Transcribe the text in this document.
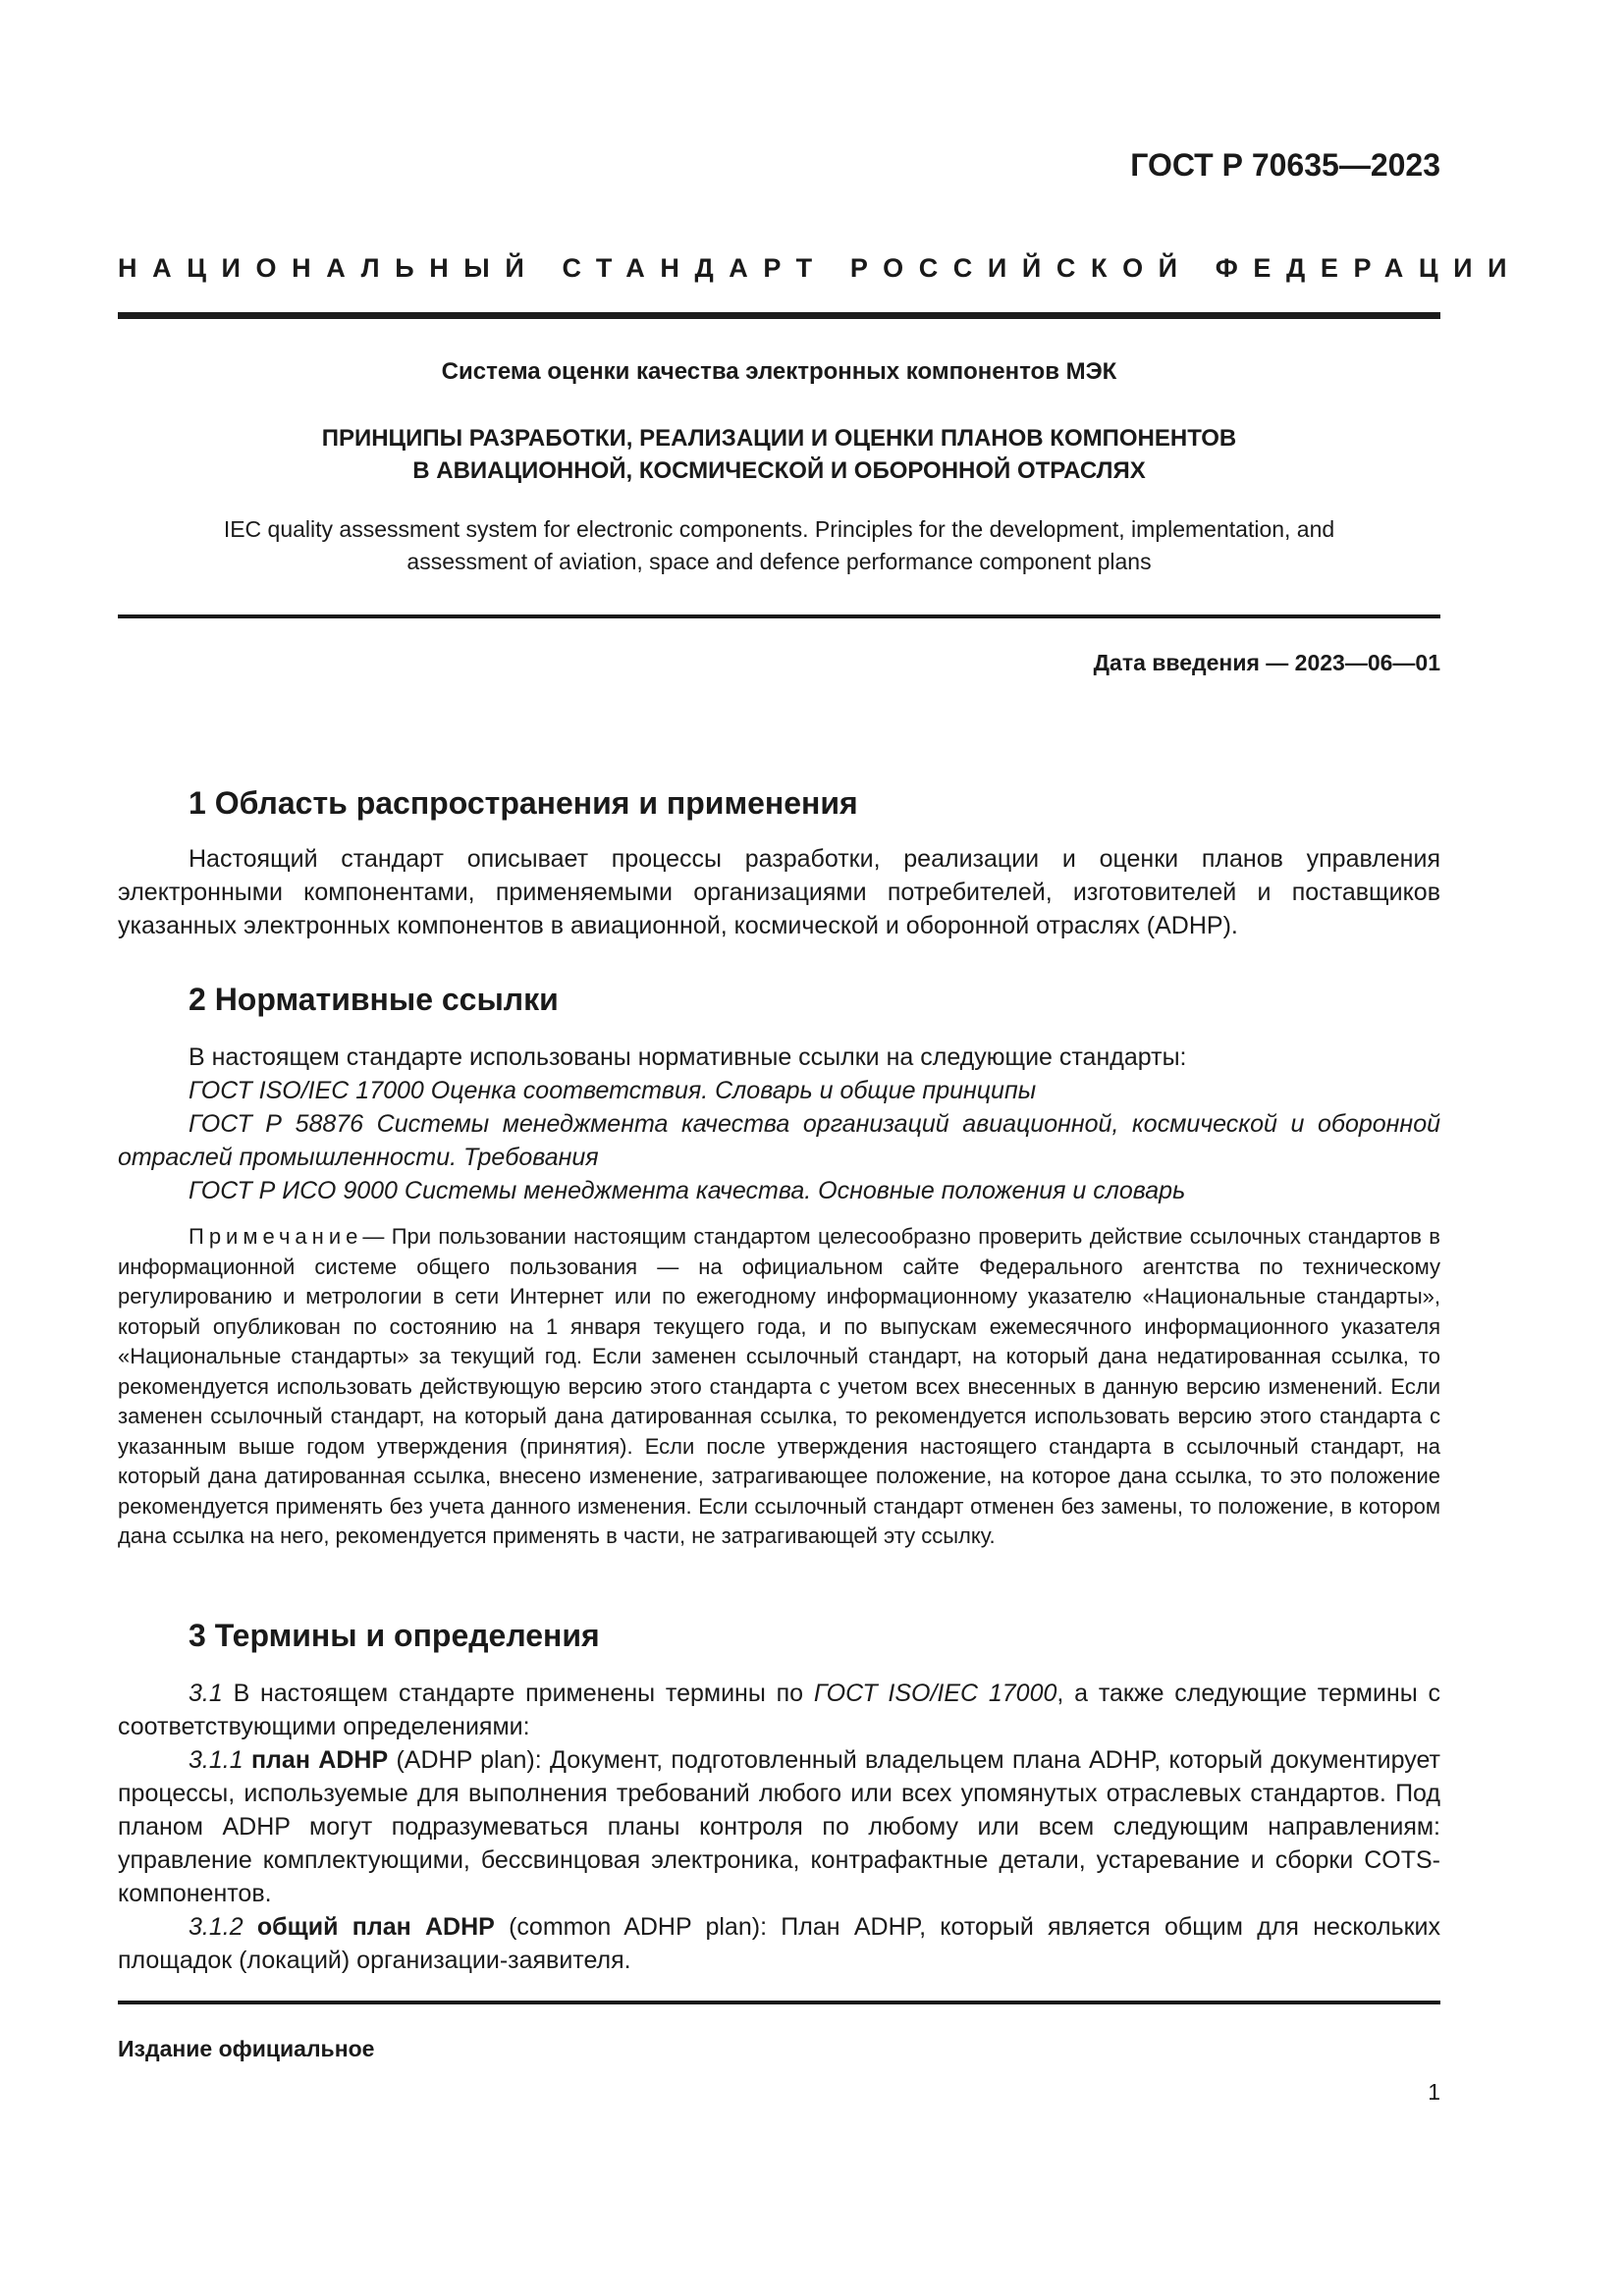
ГОСТ Р 70635—2023
НАЦИОНАЛЬНЫЙ СТАНДАРТ РОССИЙСКОЙ ФЕДЕРАЦИИ
Система оценки качества электронных компонентов МЭК
ПРИНЦИПЫ РАЗРАБОТКИ, РЕАЛИЗАЦИИ И ОЦЕНКИ ПЛАНОВ КОМПОНЕНТОВ
В АВИАЦИОННОЙ, КОСМИЧЕСКОЙ И ОБОРОННОЙ ОТРАСЛЯХ
IEC quality assessment system for electronic components. Principles for the development, implementation, and assessment of aviation, space and defence performance component plans
Дата введения — 2023—06—01
1 Область распространения и применения
Настоящий стандарт описывает процессы разработки, реализации и оценки планов управления электронными компонентами, применяемыми организациями потребителей, изготовителей и поставщиков указанных электронных компонентов в авиационной, космической и оборонной отраслях (ADHP).
2 Нормативные ссылки

В настоящем стандарте использованы нормативные ссылки на следующие стандарты:

ГОСТ ISO/IEC 17000 Оценка соответствия. Словарь и общие принципы

ГОСТ Р 58876 Системы менеджмента качества организаций авиационной, космической и оборонной отраслей промышленности. Требования

ГОСТ Р ИСО 9000 Системы менеджмента качества. Основные положения и словарь

Примечание— При пользовании настоящим стандартом целесообразно проверить действие ссылочных стандартов в информационной системе общего пользования — на официальном сайте Федерального агентства по техническому регулированию и метрологии в сети Интернет или по ежегодному информационному указателю «Национальные стандарты», который опубликован по состоянию на 1 января текущего года, и по выпускам ежемесячного информационного указателя «Национальные стандарты» за текущий год. Если заменен ссылочный стандарт, на который дана недатированная ссылка, то рекомендуется использовать действующую версию этого стандарта с учетом всех внесенных в данную версию изменений. Если заменен ссылочный стандарт, на который дана датированная ссылка, то рекомендуется использовать версию этого стандарта с указанным выше годом утверждения (принятия). Если после утверждения настоящего стандарта в ссылочный стандарт, на который дана датированная ссылка, внесено изменение, затрагивающее положение, на которое дана ссылка, то это положение рекомендуется применять без учета данного изменения. Если ссылочный стандарт отменен без замены, то положение, в котором дана ссылка на него, рекомендуется применять в части, не затрагивающей эту ссылку.

3 Термины и определения

3.1 В настоящем стандарте применены термины по ГОСТ ISO/IEC 17000, а также следующие термины с соответствующими определениями:

3.1.1 план ADHP (ADHP plan): Документ, подготовленный владельцем плана ADHP, который документирует процессы, используемые для выполнения требований любого или всех упомянутых отраслевых стандартов. Под планом ADHP могут подразумеваться планы контроля по любому или всем следующим направлениям: управление комплектующими, бессвинцовая электроника, контрафактные детали, устаревание и сборки COTS-компонентов.

3.1.2 общий план ADHP (common ADHP plan): План ADHP, который является общим для нескольких площадок (локаций) организации-заявителя.

Издание официальное
1
